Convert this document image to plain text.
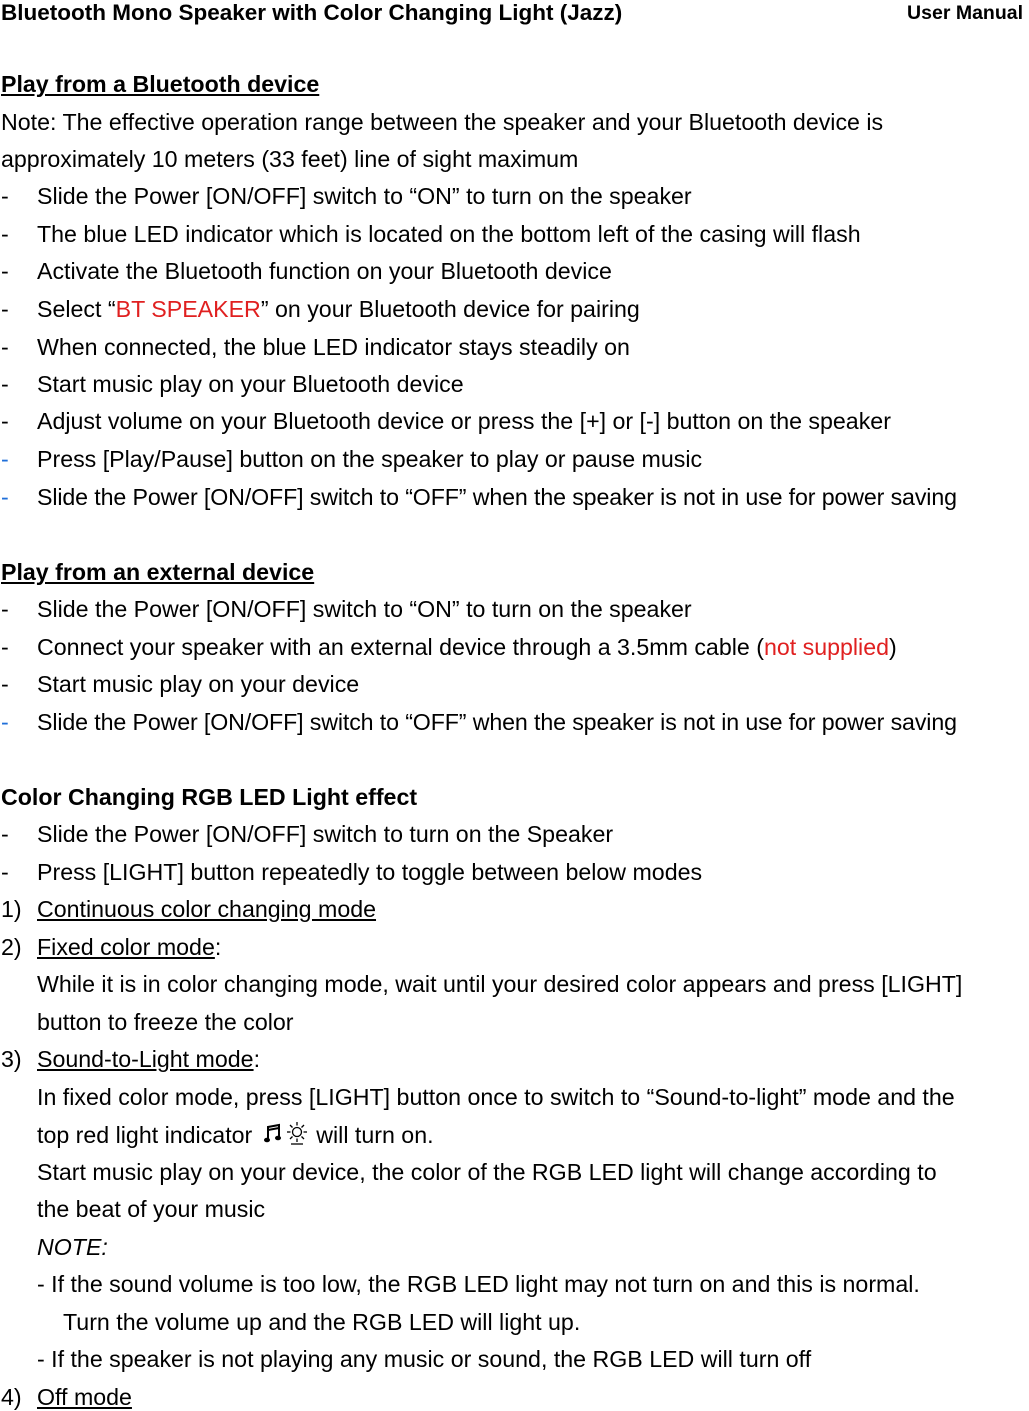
Bluetooth Mono Speaker with Color Changing Light (Jazz)	User Manual
Play from a Bluetooth device
Note: The effective operation range between the speaker and your Bluetooth device is
approximately 10 meters (33 feet) line of sight maximum
- Slide the Power [ON/OFF] switch to “ON” to turn on the speaker
- The blue LED indicator which is located on the bottom left of the casing will flash
- Activate the Bluetooth function on your Bluetooth device
- Select “BT SPEAKER” on your Bluetooth device for pairing
- When connected, the blue LED indicator stays steadily on
- Start music play on your Bluetooth device
- Adjust volume on your Bluetooth device or press the [+] or [-] button on the speaker
- Press [Play/Pause] button on the speaker to play or pause music
- Slide the Power [ON/OFF] switch to “OFF” when the speaker is not in use for power saving
Play from an external device
- Slide the Power [ON/OFF] switch to “ON” to turn on the speaker
- Connect your speaker with an external device through a 3.5mm cable (not supplied)
- Start music play on your device
- Slide the Power [ON/OFF] switch to “OFF” when the speaker is not in use for power saving
Color Changing RGB LED Light effect
- Slide the Power [ON/OFF] switch to turn on the Speaker
- Press [LIGHT] button repeatedly to toggle between below modes
1) Continuous color changing mode
2) Fixed color mode:
While it is in color changing mode, wait until your desired color appears and press [LIGHT]
button to freeze the color
3) Sound-to-Light mode:
In fixed color mode, press [LIGHT] button once to switch to “Sound-to-light” mode and the
top red light indicator	will turn on.
Start music play on your device, the color of the RGB LED light will change according to
the beat of your music
NOTE:
- If the sound volume is too low, the RGB LED light may not turn on and this is normal.
Turn the volume up and the RGB LED will light up.
- If the speaker is not playing any music or sound, the RGB LED will turn off
4) Off mode
